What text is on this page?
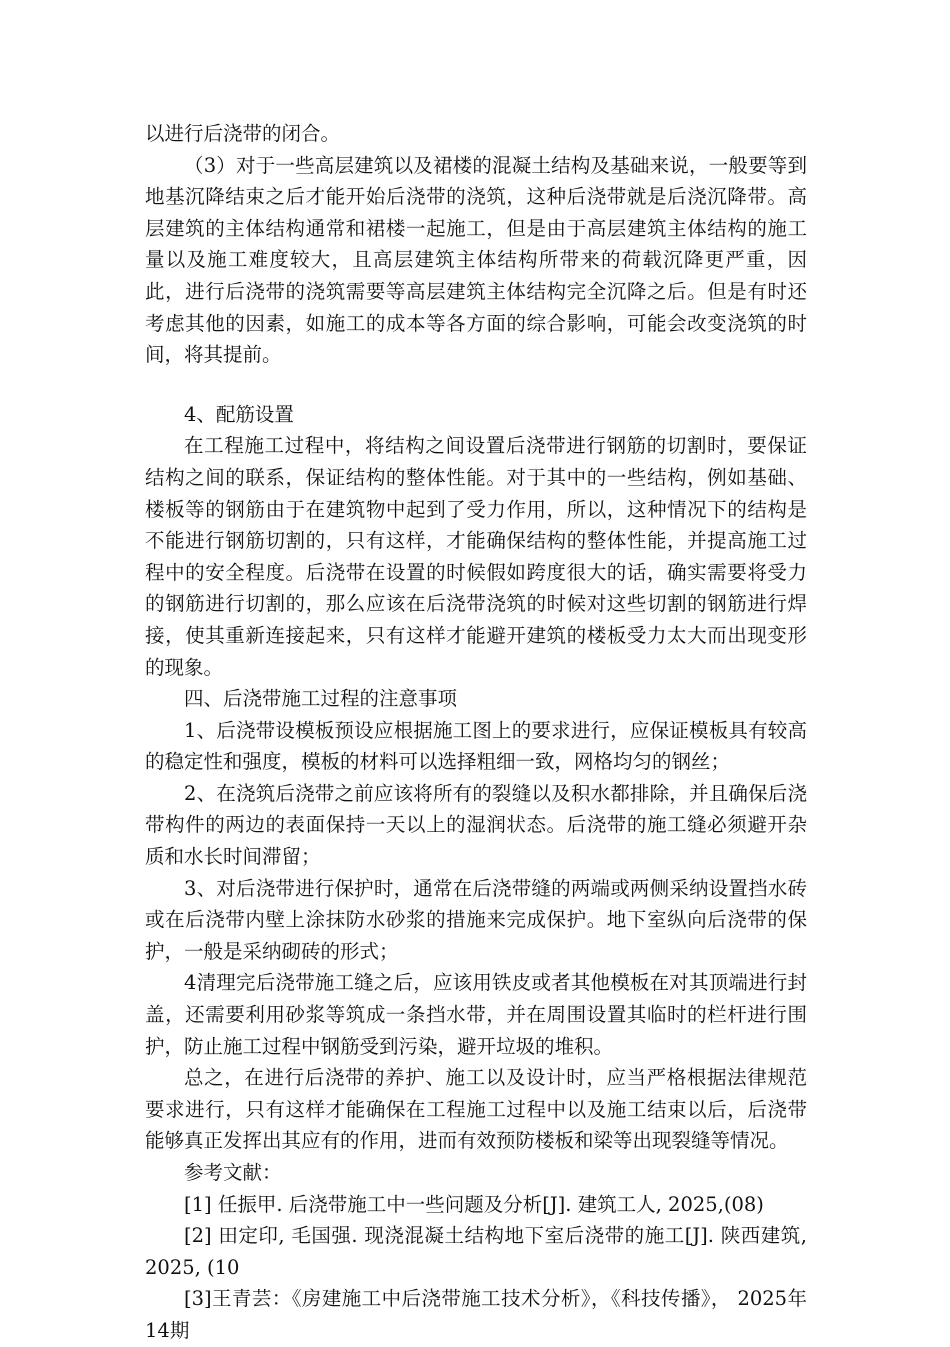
以进行后浇带的闭合。

（3）对于一些高层建筑以及裙楼的混凝土结构及基础来说，一般要等到地基沉降结束之后才能开始后浇带的浇筑，这种后浇带就是后浇沉降带。高层建筑的主体结构通常和裙楼一起施工，但是由于高层建筑主体结构的施工量以及施工难度较大，且高层建筑主体结构所带来的荷载沉降更严重，因此，进行后浇带的浇筑需要等高层建筑主体结构完全沉降之后。但是有时还考虑其他的因素，如施工的成本等各方面的综合影响，可能会改变浇筑的时间，将其提前。

4、配筋设置

在工程施工过程中，将结构之间设置后浇带进行钢筋的切割时，要保证结构之间的联系，保证结构的整体性能。对于其中的一些结构，例如基础、楼板等的钢筋由于在建筑物中起到了受力作用，所以，这种情况下的结构是不能进行钢筋切割的，只有这样，才能确保结构的整体性能，并提高施工过程中的安全程度。后浇带在设置的时候假如跨度很大的话，确实需要将受力的钢筋进行切割的，那么应该在后浇带浇筑的时候对这些切割的钢筋进行焊接，使其重新连接起来，只有这样才能避开建筑的楼板受力太大而出现变形的现象。

四、后浇带施工过程的注意事项

1、后浇带设模板预设应根据施工图上的要求进行，应保证模板具有较高的稳定性和强度，模板的材料可以选择粗细一致，网格均匀的钢丝；

2、在浇筑后浇带之前应该将所有的裂缝以及积水都排除，并且确保后浇带构件的两边的表面保持一天以上的湿润状态。后浇带的施工缝必须避开杂质和水长时间滞留；

3、对后浇带进行保护时，通常在后浇带缝的两端或两侧采纳设置挡水砖或在后浇带内壁上涂抹防水砂浆的措施来完成保护。地下室纵向后浇带的保护，一般是采纳砌砖的形式；

4清理完后浇带施工缝之后，应该用铁皮或者其他模板在对其顶端进行封盖，还需要利用砂浆等筑成一条挡水带，并在周围设置其临时的栏杆进行围护，防止施工过程中钢筋受到污染，避开垃圾的堆积。

总之，在进行后浇带的养护、施工以及设计时，应当严格根据法律规范要求进行，只有这样才能确保在工程施工过程中以及施工结束以后，后浇带能够真正发挥出其应有的作用，进而有效预防楼板和梁等出现裂缝等情况。

参考文献：

[1] 任振甲. 后浇带施工中一些问题及分析[J]. 建筑工人, 2025,(08)

[2] 田定印, 毛国强. 现浇混凝土结构地下室后浇带的施工[J]. 陕西建筑, 2025, (10

[3]王青芸：《房建施工中后浇带施工技术分析》，《科技传播》， 2025年14期
